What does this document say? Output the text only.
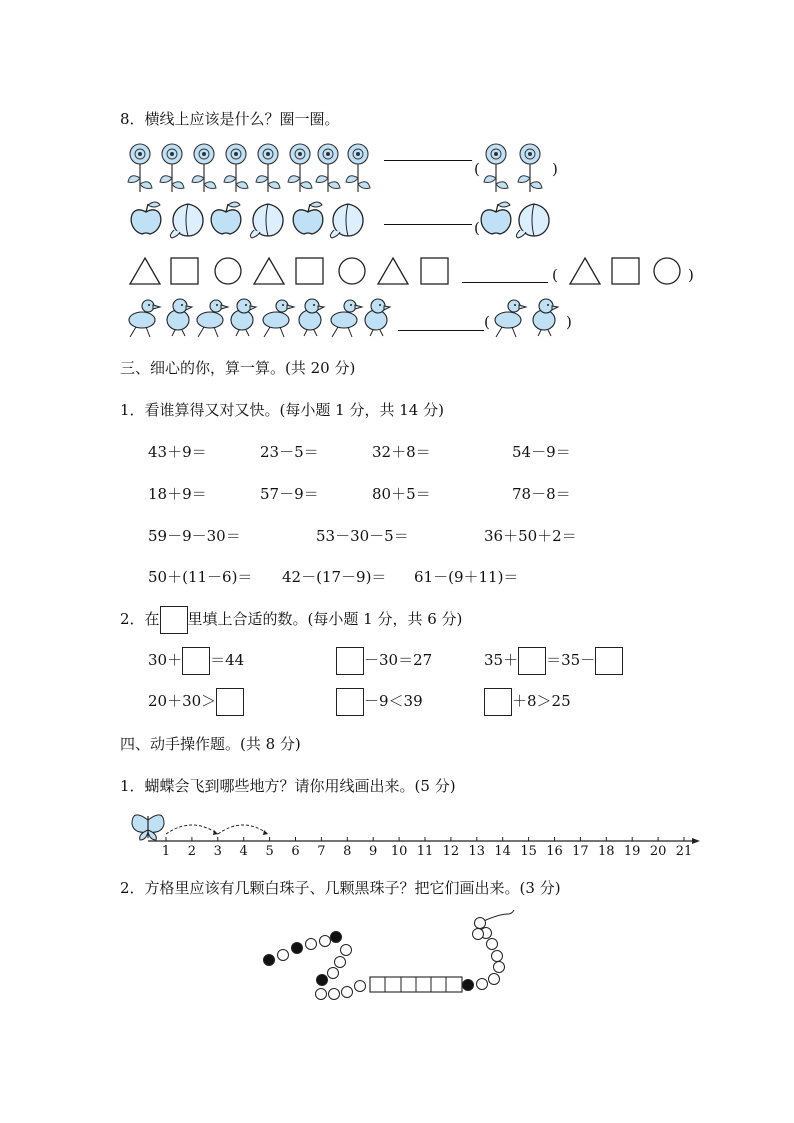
8．横线上应该是什么？圈一圈。
(	)
(
(	)
(	)
三、细心的你，算一算。(共 20 分)
1．看谁算得又对又快。(每小题 1 分，共 14 分)
43＋9＝	23－5＝	32＋8＝	54－9＝
18＋9＝	57－9＝	80＋5＝	78－8＝
59－9－30＝	53－30－5＝	36＋50＋2＝
50＋(11－6)＝ 42－(17－9)＝ 61－(9＋11)＝
2．在 里填上合适的数。(每小题 1 分，共 6 分)
30＋ ＝44	－30＝27	35＋ ＝35－
20＋30＞	－9＜39	＋8＞25
四、动手操作题。(共 8 分)
1．蝴蝶会飞到哪些地方？请你用线画出来。(5 分)
1	2	3	4	5	6	7	8	9	10 11 12 13 14 15 16 17 18 19 20 21
2．方格里应该有几颗白珠子、几颗黑珠子？把它们画出来。(3 分)
